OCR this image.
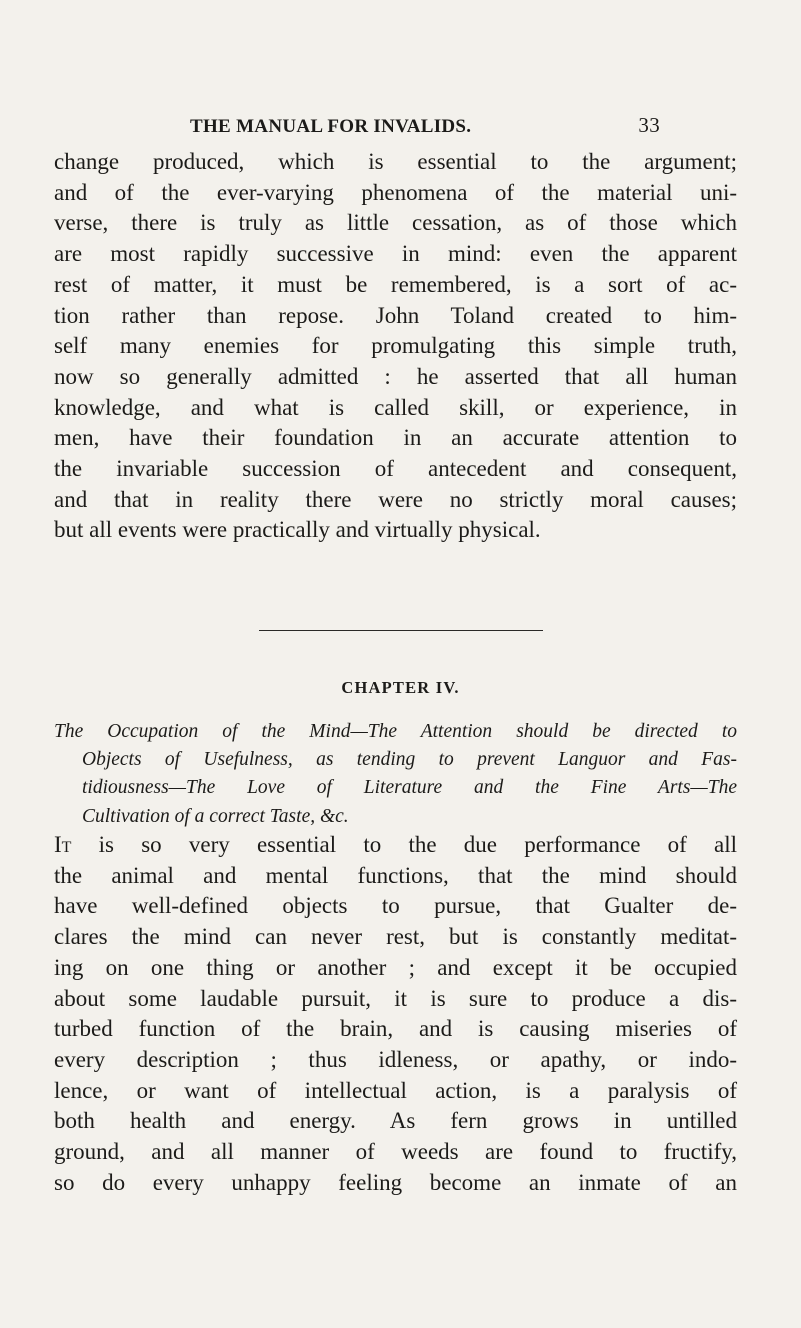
THE MANUAL FOR INVALIDS.	33
change produced, which is essential to the argument;
and of the ever-varying phenomena of the material uni-
verse, there is truly as little cessation, as of those which
are most rapidly successive in mind: even the apparent
rest of matter, it must be remembered, is a sort of ac-
tion rather than repose. John Toland created to him-
self many enemies for promulgating this simple truth,
now so generally admitted : he asserted that all human
knowledge, and what is called skill, or experience, in
men, have their foundation in an accurate attention to
the invariable succession of antecedent and consequent,
and that in reality there were no strictly moral causes;
but all events were practically and virtually physical.
CHAPTER IV.
The Occupation of the Mind—The Attention should be directed to
Objects of Usefulness, as tending to prevent Languor and Fas-
tidiousness—The Love of Literature and the Fine Arts—The
Cultivation of a correct Taste, &c.
It is so very essential to the due performance of all
the animal and mental functions, that the mind should
have well-defined objects to pursue, that Gualter de-
clares the mind can never rest, but is constantly meditat-
ing on one thing or another ; and except it be occupied
about some laudable pursuit, it is sure to produce a dis-
turbed function of the brain, and is causing miseries of
every description ; thus idleness, or apathy, or indo-
lence, or want of intellectual action, is a paralysis of
both health and energy. As fern grows in untilled
ground, and all manner of weeds are found to fructify,
so do every unhappy feeling become an inmate of an
